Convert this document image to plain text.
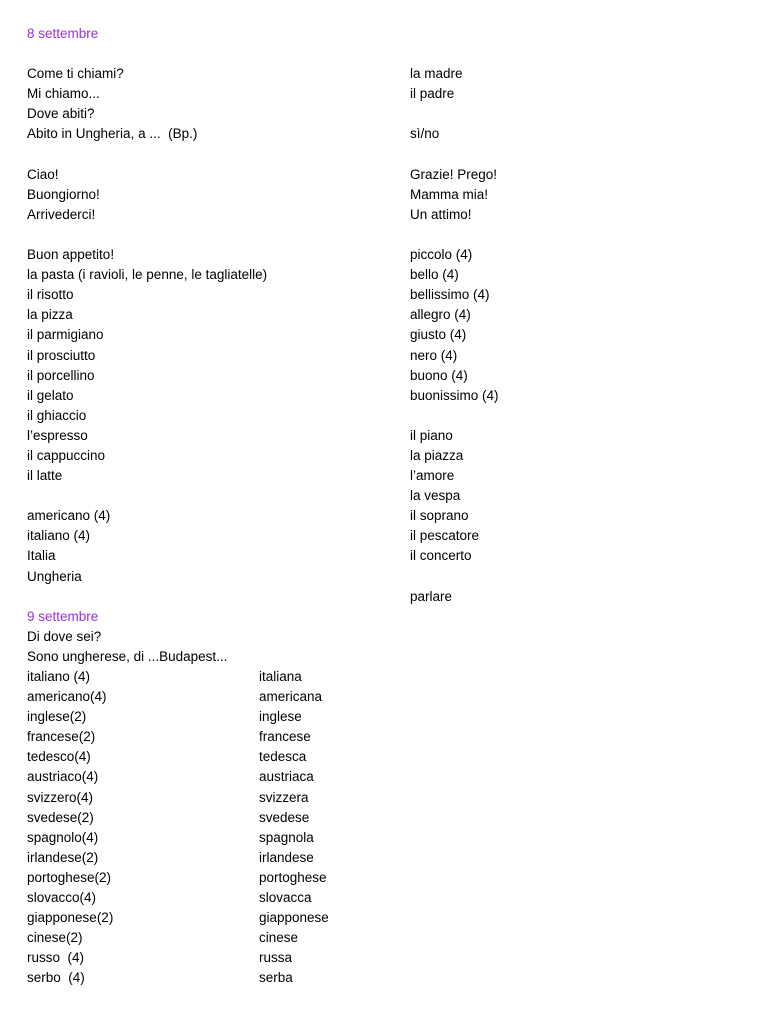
8 settembre
Come ti chiami?
Mi chiamo...
Dove abiti?
Abito in Ungheria, a ...  (Bp.)
Ciao!
Buongiorno!
Arrivederci!
Buon appetito!
la pasta (i ravioli, le penne, le tagliatelle)
il risotto
la pizza
il parmigiano
il prosciutto
il porcellino
il gelato
il ghiaccio
l’espresso
il cappuccino
il latte
americano (4)
italiano (4)
Italia
Ungheria
9 settembre
Di dove sei?
Sono ungherese, di ...Budapest...
italiano (4)	italiana
americano(4)	americana
inglese(2)	inglese
francese(2)	francese
tedesco(4)	tedesca
austriaco(4)	austriaca
svizzero(4)	svizzera
svedese(2)	svedese
spagnolo(4)	spagnola
irlandese(2)	irlandese
portoghese(2)	portoghese
slovacco(4)	slovacca
giapponese(2)	giapponese
cinese(2)	cinese
russo  (4)	russa
serbo  (4)	serba
la madre
il padre
sì/no
Grazie! Prego!
Mamma mia!
Un attimo!
piccolo (4)
bello (4)
bellissimo (4)
allegro (4)
giusto (4)
nero (4)
buono (4)
buonissimo (4)
il piano
la piazza
l’amore
la vespa
il soprano
il pescatore
il concerto
parlare
